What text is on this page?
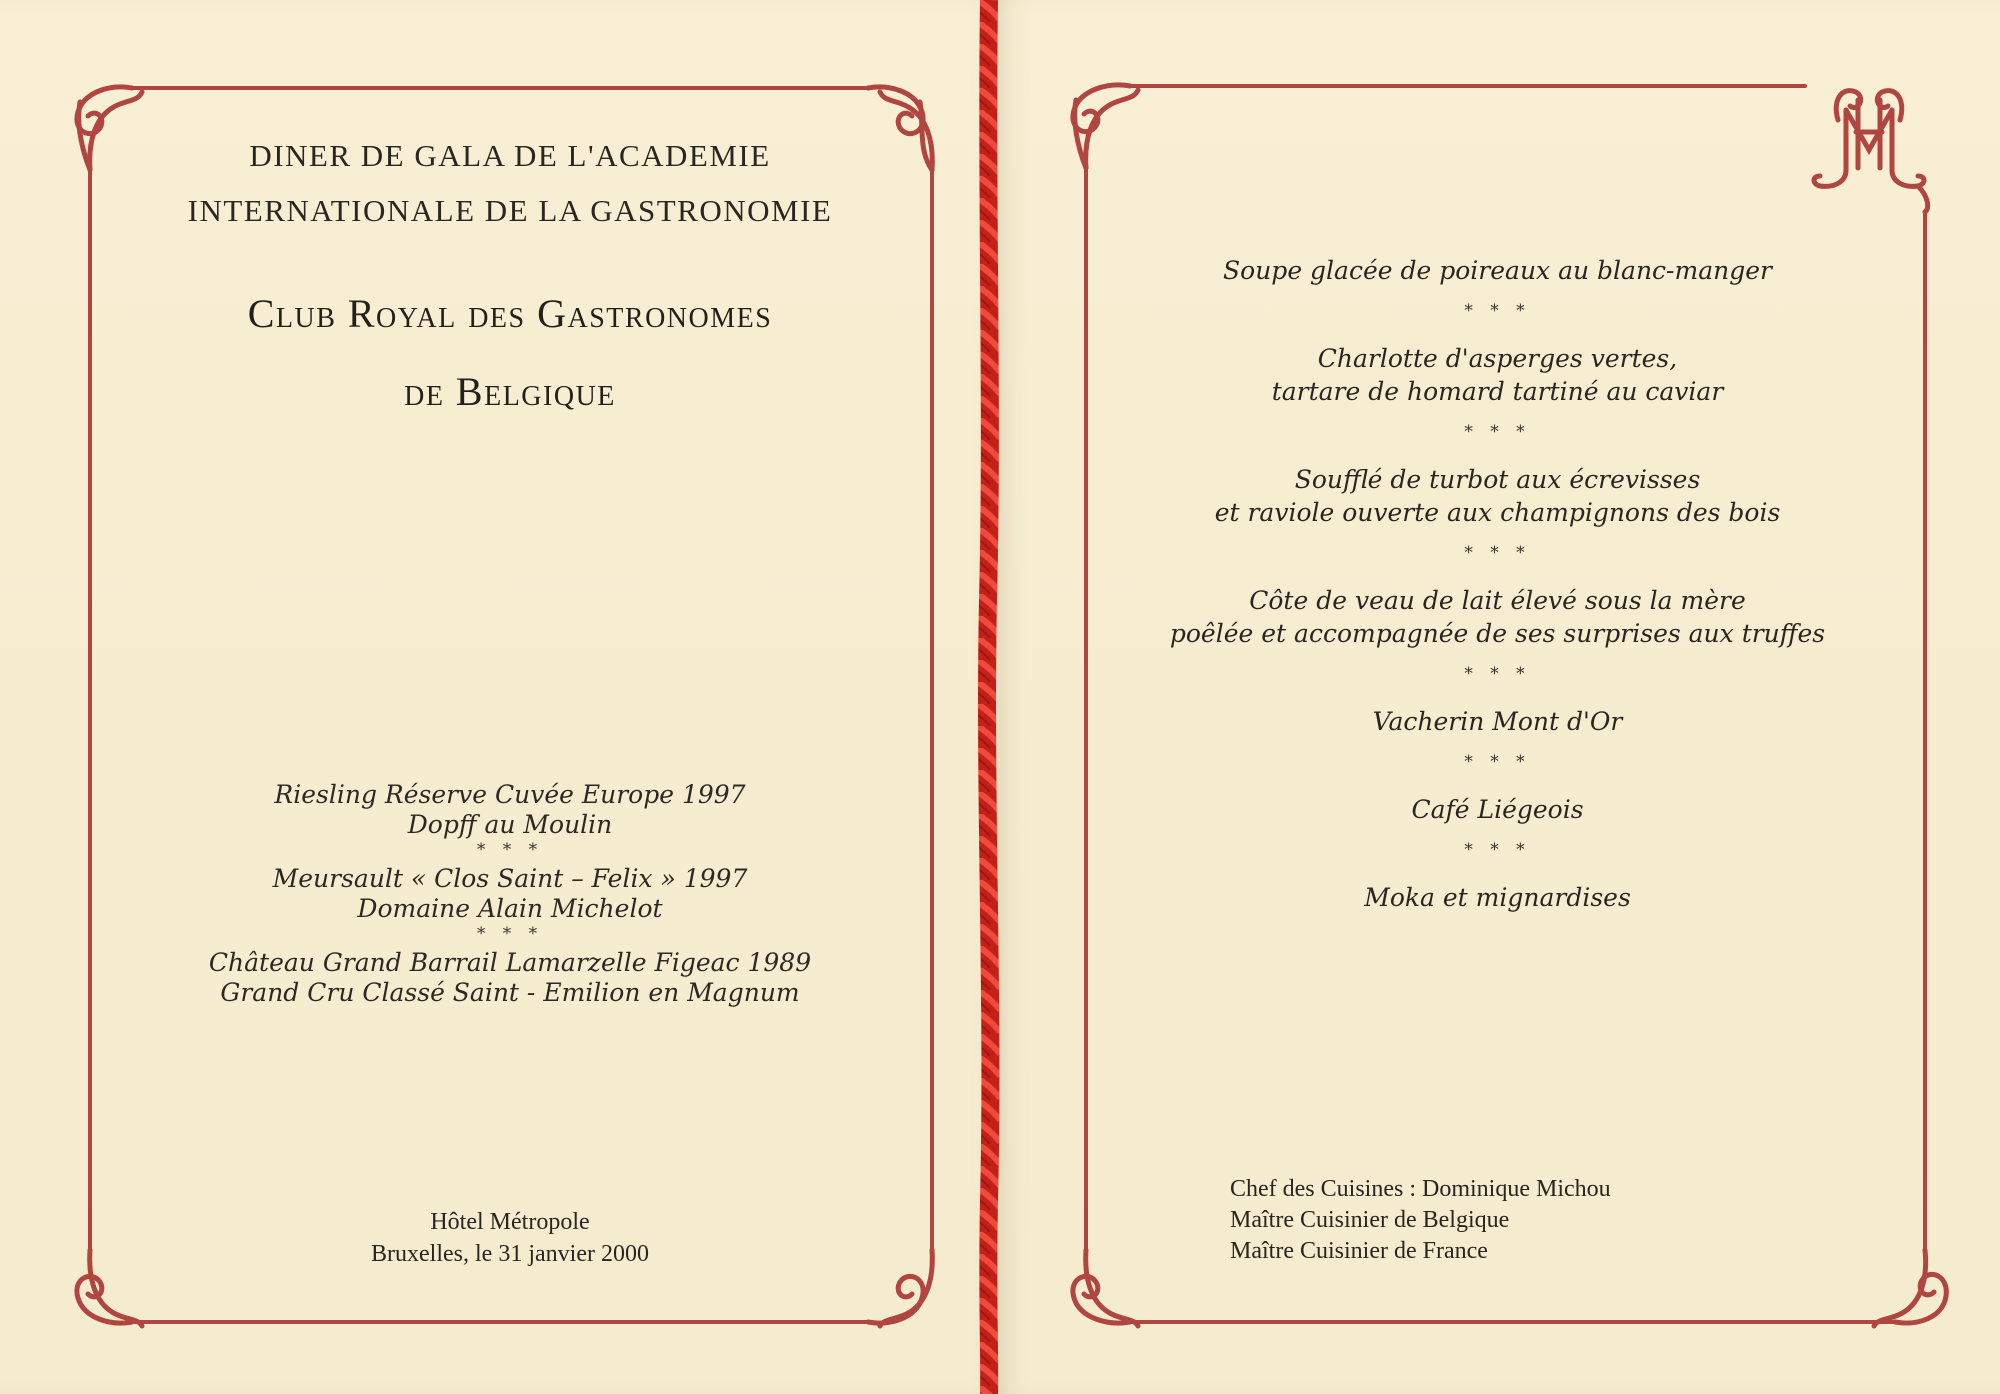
DINER DE GALA DE L'ACADEMIE
INTERNATIONALE DE LA GASTRONOMIE
Club Royal des Gastronomes
de Belgique
Riesling Réserve Cuvée Europe 1997
Dopff au Moulin
* * *
Meursault « Clos Saint – Felix » 1997
Domaine Alain Michelot
* * *
Château Grand Barrail Lamarzelle Figeac 1989
Grand Cru Classé Saint - Emilion en Magnum
Hôtel Métropole
Bruxelles, le 31 janvier 2000
Soupe glacée de poireaux au blanc-manger
* * *
Charlotte d'asperges vertes,
tartare de homard tartiné au caviar
* * *
Soufflé de turbot aux écrevisses
et raviole ouverte aux champignons des bois
* * *
Côte de veau de lait élevé sous la mère
poêlée et accompagnée de ses surprises aux truffes
* * *
Vacherin Mont d'Or
* * *
Café Liégeois
* * *
Moka et mignardises
Chef des Cuisines : Dominique Michou
Maître Cuisinier de Belgique
Maître Cuisinier de France
